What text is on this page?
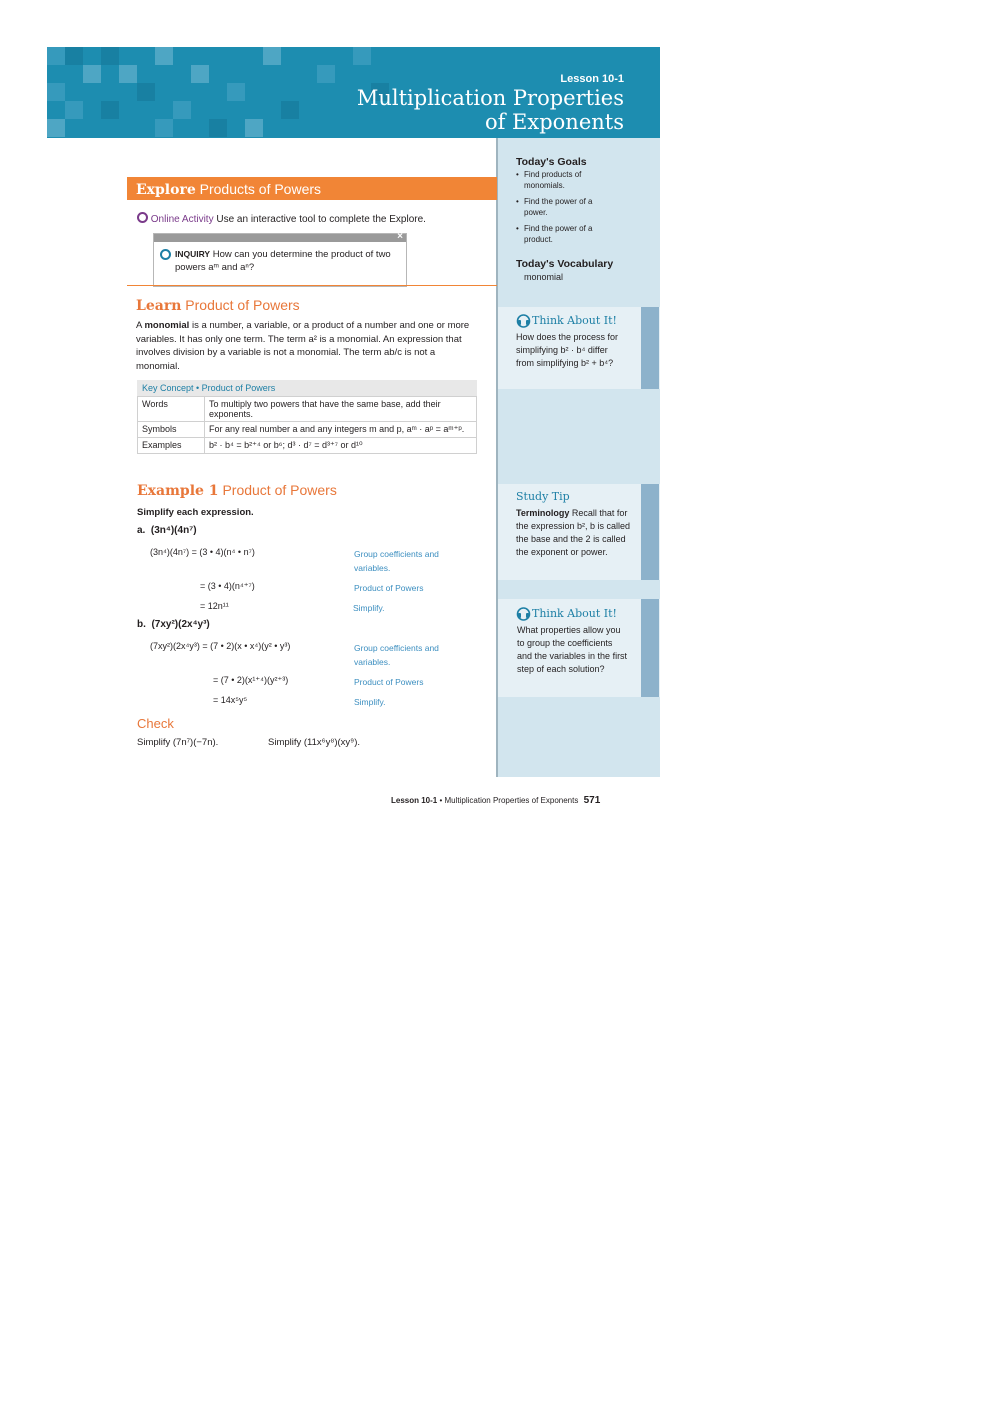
Lesson 10-1
Multiplication Properties
of Exponents
Today's Goals
• Find products of monomials.
• Find the power of a power.
• Find the power of a product.
Today's Vocabulary
monomial
Think About It!
How does the process for simplifying b² · b⁴ differ from simplifying b² + b⁴?
Study Tip
Terminology Recall that for the expression b², b is called the base and the 2 is called the exponent or power.
Think About It!
What properties allow you to group the coefficients and the variables in the first step of each solution?
Explore Products of Powers
Online Activity Use an interactive tool to complete the Explore.
×
INQUIRY How can you determine the product of two powers aᵐ and aⁿ?
Learn Product of Powers
A monomial is a number, a variable, or a product of a number and one or more variables. It has only one term. The term a² is a monomial. An expression that involves division by a variable is not a monomial. The term ab/c is not a monomial.
Key Concept • Product of Powers
Words	To multiply two powers that have the same base, add their exponents.
Symbols	For any real number a and any integers m and p, aᵐ · aᵖ = aᵐ⁺ᵖ.
Examples	b² · b⁴ = b²⁺⁴ or b⁶; d³ · d⁷ = d³⁺⁷ or d¹⁰
Example 1 Product of Powers
Simplify each expression.
a. (3n⁴)(4n⁷)
(3n⁴)(4n⁷) = (3 • 4)(n⁴ • n⁷)	Group coefficients and variables.
= (3 • 4)(n⁴⁺⁷)	Product of Powers
= 12n¹¹	Simplify.
b. (7xy²)(2x⁴y³)
(7xy²)(2x⁴y³) = (7 • 2)(x • x⁴)(y² • y³)	Group coefficients and variables.
= (7 • 2)(x¹⁺⁴)(y²⁺³)	Product of Powers
= 14x⁵y⁵	Simplify.
Check
Simplify (7n⁷)(−7n).	Simplify (11x⁶y⁸)(xy⁹).
Lesson 10-1 • Multiplication Properties of Exponents 571
